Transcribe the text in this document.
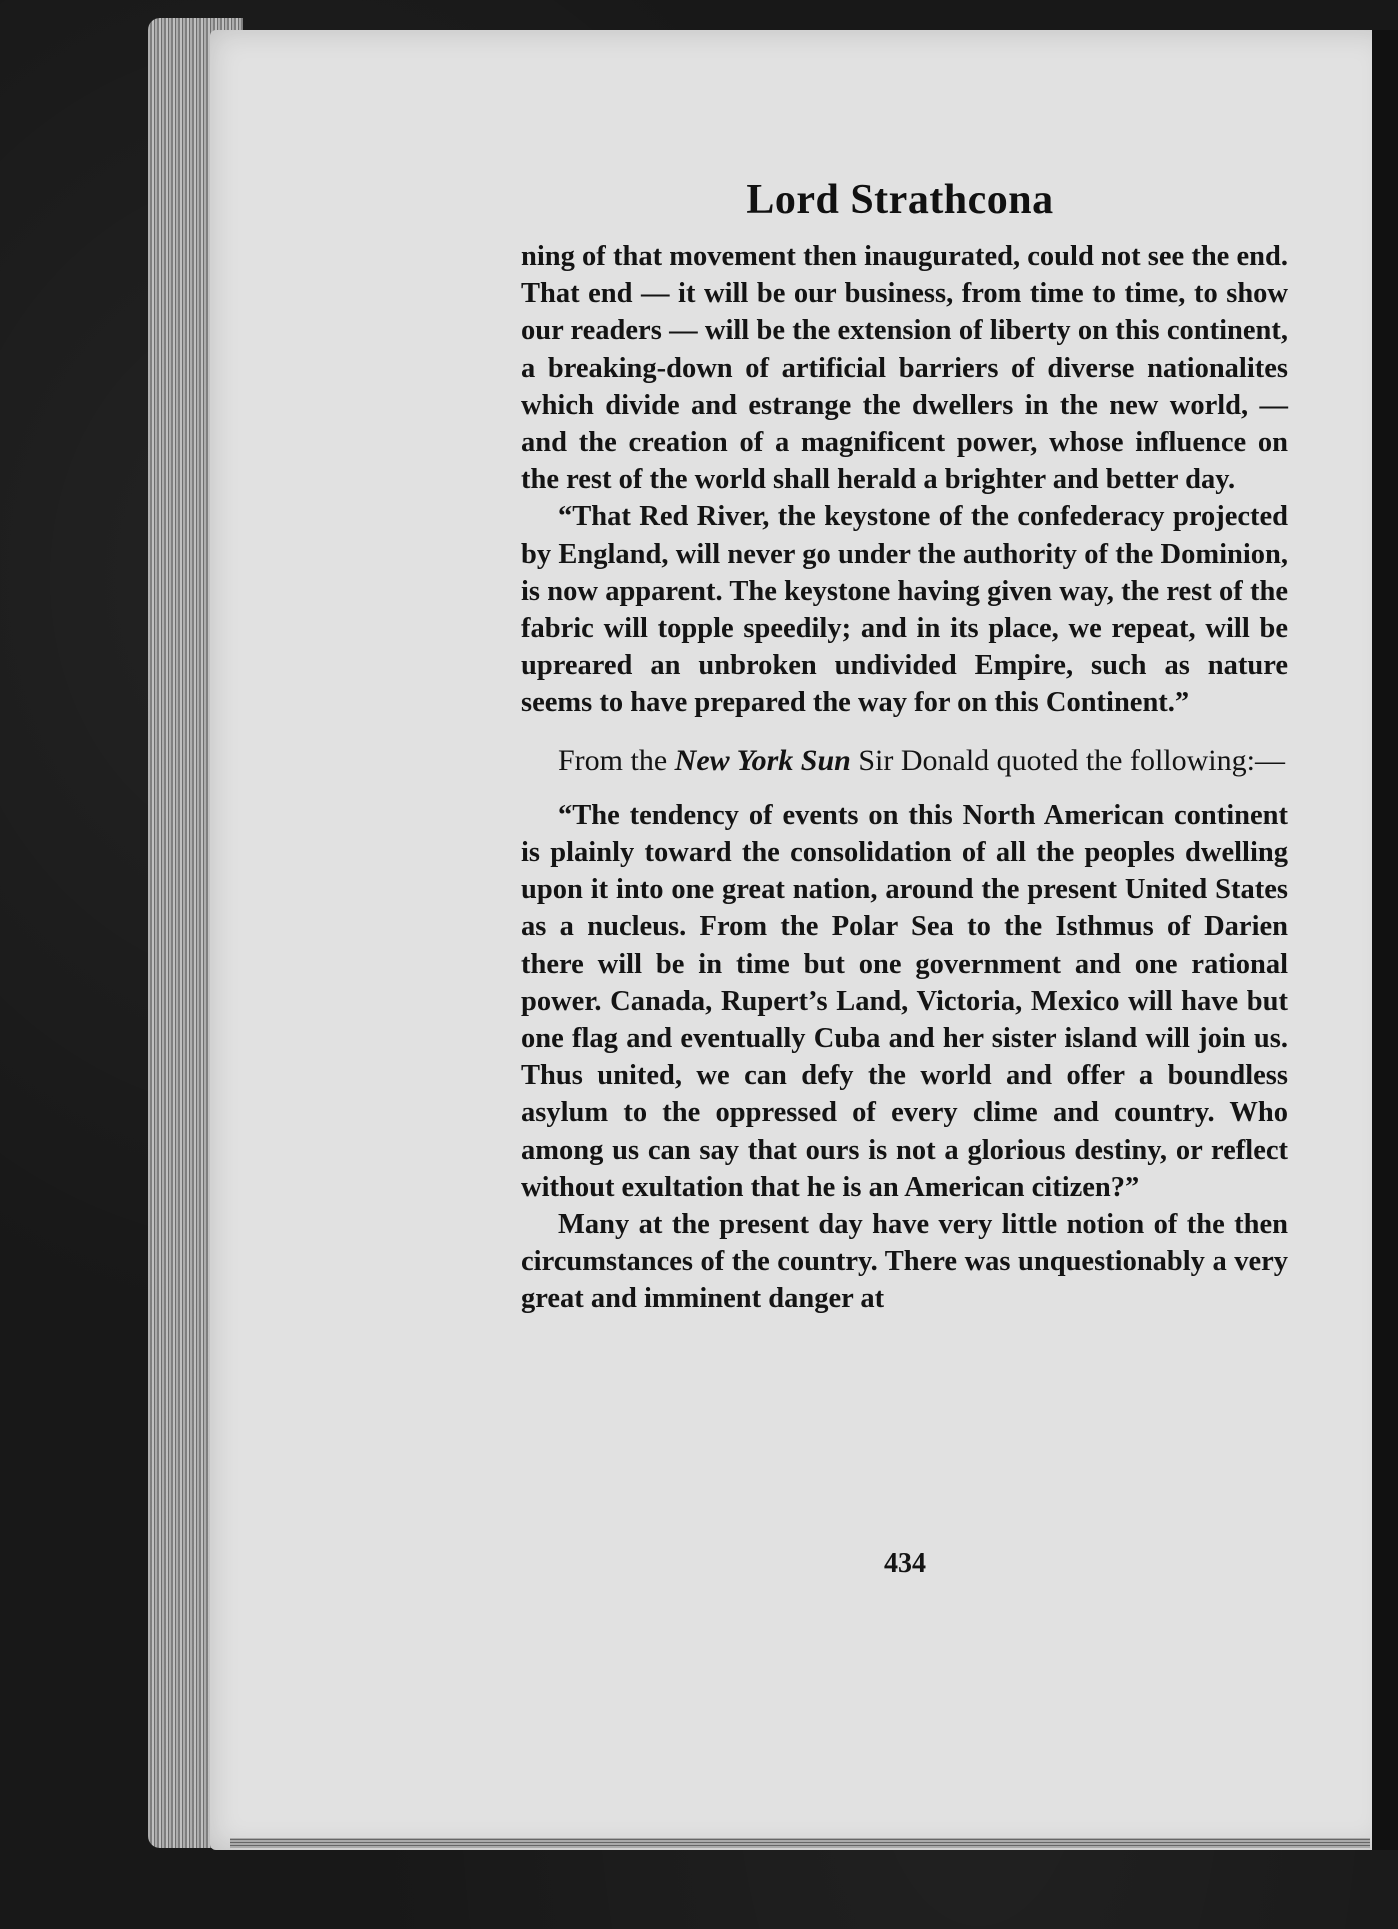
Lord Strathcona

ning of that movement then inaugurated, could not see the end. That end — it will be our business, from time to time, to show our readers — will be the extension of liberty on this continent, a breaking-down of artificial barriers of diverse nationalites which divide and estrange the dwellers in the new world, — and the creation of a magnificent power, whose influence on the rest of the world shall herald a brighter and better day.

“That Red River, the keystone of the confederacy projected by England, will never go under the authority of the Dominion, is now apparent. The keystone having given way, the rest of the fabric will topple speedily; and in its place, we repeat, will be upreared an unbroken undivided Empire, such as nature seems to have prepared the way for on this Continent.”

From the New York Sun Sir Donald quoted the following:—

“The tendency of events on this North American continent is plainly toward the consolidation of all the peoples dwelling upon it into one great nation, around the present United States as a nucleus. From the Polar Sea to the Isthmus of Darien there will be in time but one government and one rational power. Canada, Rupert’s Land, Victoria, Mexico will have but one flag and eventually Cuba and her sister island will join us. Thus united, we can defy the world and offer a boundless asylum to the oppressed of every clime and country. Who among us can say that ours is not a glorious destiny, or reflect without exultation that he is an American citizen?”

Many at the present day have very little notion of the then circumstances of the country. There was unquestionably a very great and imminent danger at

434
